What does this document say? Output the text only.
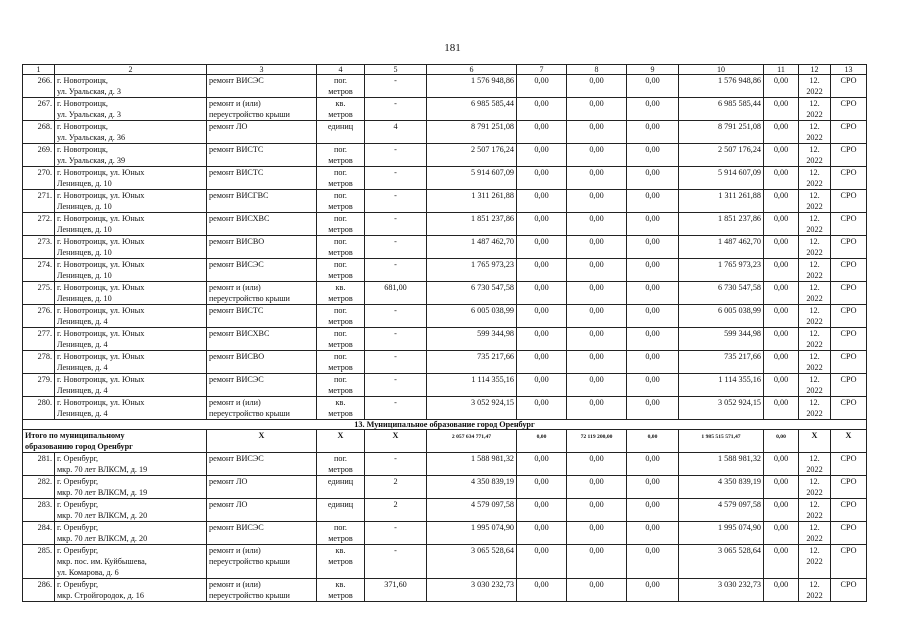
181
1	2	3	4	5	6	7	8	9	10	11	12	13
266.	г. Новотроицк,
ул. Уральская, д. 3	ремонт ВИСЭС	пог.
метров	-	1 576 948,86	0,00	0,00	0,00	1 576 948,86	0,00	12.
2022	СРО
267.	г. Новотроицк,
ул. Уральская, д. 3	ремонт и (или)
переустройство крыши	кв.
метров	-	6 985 585,44	0,00	0,00	0,00	6 985 585,44	0,00	12.
2022	СРО
268.	г. Новотроицк,
ул. Уральская, д. 36	ремонт ЛО	единиц	4	8 791 251,08	0,00	0,00	0,00	8 791 251,08	0,00	12.
2022	СРО
269.	г. Новотроицк,
ул. Уральская, д. 39	ремонт ВИСТС	пог.
метров	-	2 507 176,24	0,00	0,00	0,00	2 507 176,24	0,00	12.
2022	СРО
270.	г. Новотроицк, ул. Юных
Ленинцев, д. 10	ремонт ВИСТС	пог.
метров	-	5 914 607,09	0,00	0,00	0,00	5 914 607,09	0,00	12.
2022	СРО
271.	г. Новотроицк, ул. Юных
Ленинцев, д. 10	ремонт ВИСГВС	пог.
метров	-	1 311 261,88	0,00	0,00	0,00	1 311 261,88	0,00	12.
2022	СРО
272.	г. Новотроицк, ул. Юных
Ленинцев, д. 10	ремонт ВИСХВС	пог.
метров	-	1 851 237,86	0,00	0,00	0,00	1 851 237,86	0,00	12.
2022	СРО
273.	г. Новотроицк, ул. Юных
Ленинцев, д. 10	ремонт ВИСВО	пог.
метров	-	1 487 462,70	0,00	0,00	0,00	1 487 462,70	0,00	12.
2022	СРО
274.	г. Новотроицк, ул. Юных
Ленинцев, д. 10	ремонт ВИСЭС	пог.
метров	-	1 765 973,23	0,00	0,00	0,00	1 765 973,23	0,00	12.
2022	СРО
275.	г. Новотроицк, ул. Юных
Ленинцев, д. 10	ремонт и (или)
переустройство крыши	кв.
метров	681,00	6 730 547,58	0,00	0,00	0,00	6 730 547,58	0,00	12.
2022	СРО
276.	г. Новотроицк, ул. Юных
Ленинцев, д. 4	ремонт ВИСТС	пог.
метров	-	6 005 038,99	0,00	0,00	0,00	6 005 038,99	0,00	12.
2022	СРО
277.	г. Новотроицк, ул. Юных
Ленинцев, д. 4	ремонт ВИСХВС	пог.
метров	-	599 344,98	0,00	0,00	0,00	599 344,98	0,00	12.
2022	СРО
278.	г. Новотроицк, ул. Юных
Ленинцев, д. 4	ремонт ВИСВО	пог.
метров	-	735 217,66	0,00	0,00	0,00	735 217,66	0,00	12.
2022	СРО
279.	г. Новотроицк, ул. Юных
Ленинцев, д. 4	ремонт ВИСЭС	пог.
метров	-	1 114 355,16	0,00	0,00	0,00	1 114 355,16	0,00	12.
2022	СРО
280.	г. Новотроицк, ул. Юных
Ленинцев, д. 4	ремонт и (или)
переустройство крыши	кв.
метров	-	3 052 924,15	0,00	0,00	0,00	3 052 924,15	0,00	12.
2022	СРО
13. Муниципальное образование город Оренбург												
Итого по муниципальному
образованию город Оренбург		X	X	X	2 057 634 771,47	0,00	72 119 200,00	0,00	1 985 515 571,47	0,00	X	X
281.	г. Оренбург,
мкр. 70 лет ВЛКСМ, д. 19	ремонт ВИСЭС	пог.
метров	-	1 588 981,32	0,00	0,00	0,00	1 588 981,32	0,00	12.
2022	СРО
282.	г. Оренбург,
мкр. 70 лет ВЛКСМ, д. 19	ремонт ЛО	единиц	2	4 350 839,19	0,00	0,00	0,00	4 350 839,19	0,00	12.
2022	СРО
283.	г. Оренбург,
мкр. 70 лет ВЛКСМ, д. 20	ремонт ЛО	единиц	2	4 579 097,58	0,00	0,00	0,00	4 579 097,58	0,00	12.
2022	СРО
284.	г. Оренбург,
мкр. 70 лет ВЛКСМ, д. 20	ремонт ВИСЭС	пог.
метров	-	1 995 074,90	0,00	0,00	0,00	1 995 074,90	0,00	12.
2022	СРО
285.	г. Оренбург,
мкр. пос. им. Куйбышева,
ул. Комарова, д. 6	ремонт и (или)
переустройство крыши	кв.
метров	-	3 065 528,64	0,00	0,00	0,00	3 065 528,64	0,00	12.
2022	СРО
286.	г. Оренбург,
мкр. Стройгородок, д. 16	ремонт и (или)
переустройство крыши	кв.
метров	371,60	3 030 232,73	0,00	0,00	0,00	3 030 232,73	0,00	12.
2022	СРО
